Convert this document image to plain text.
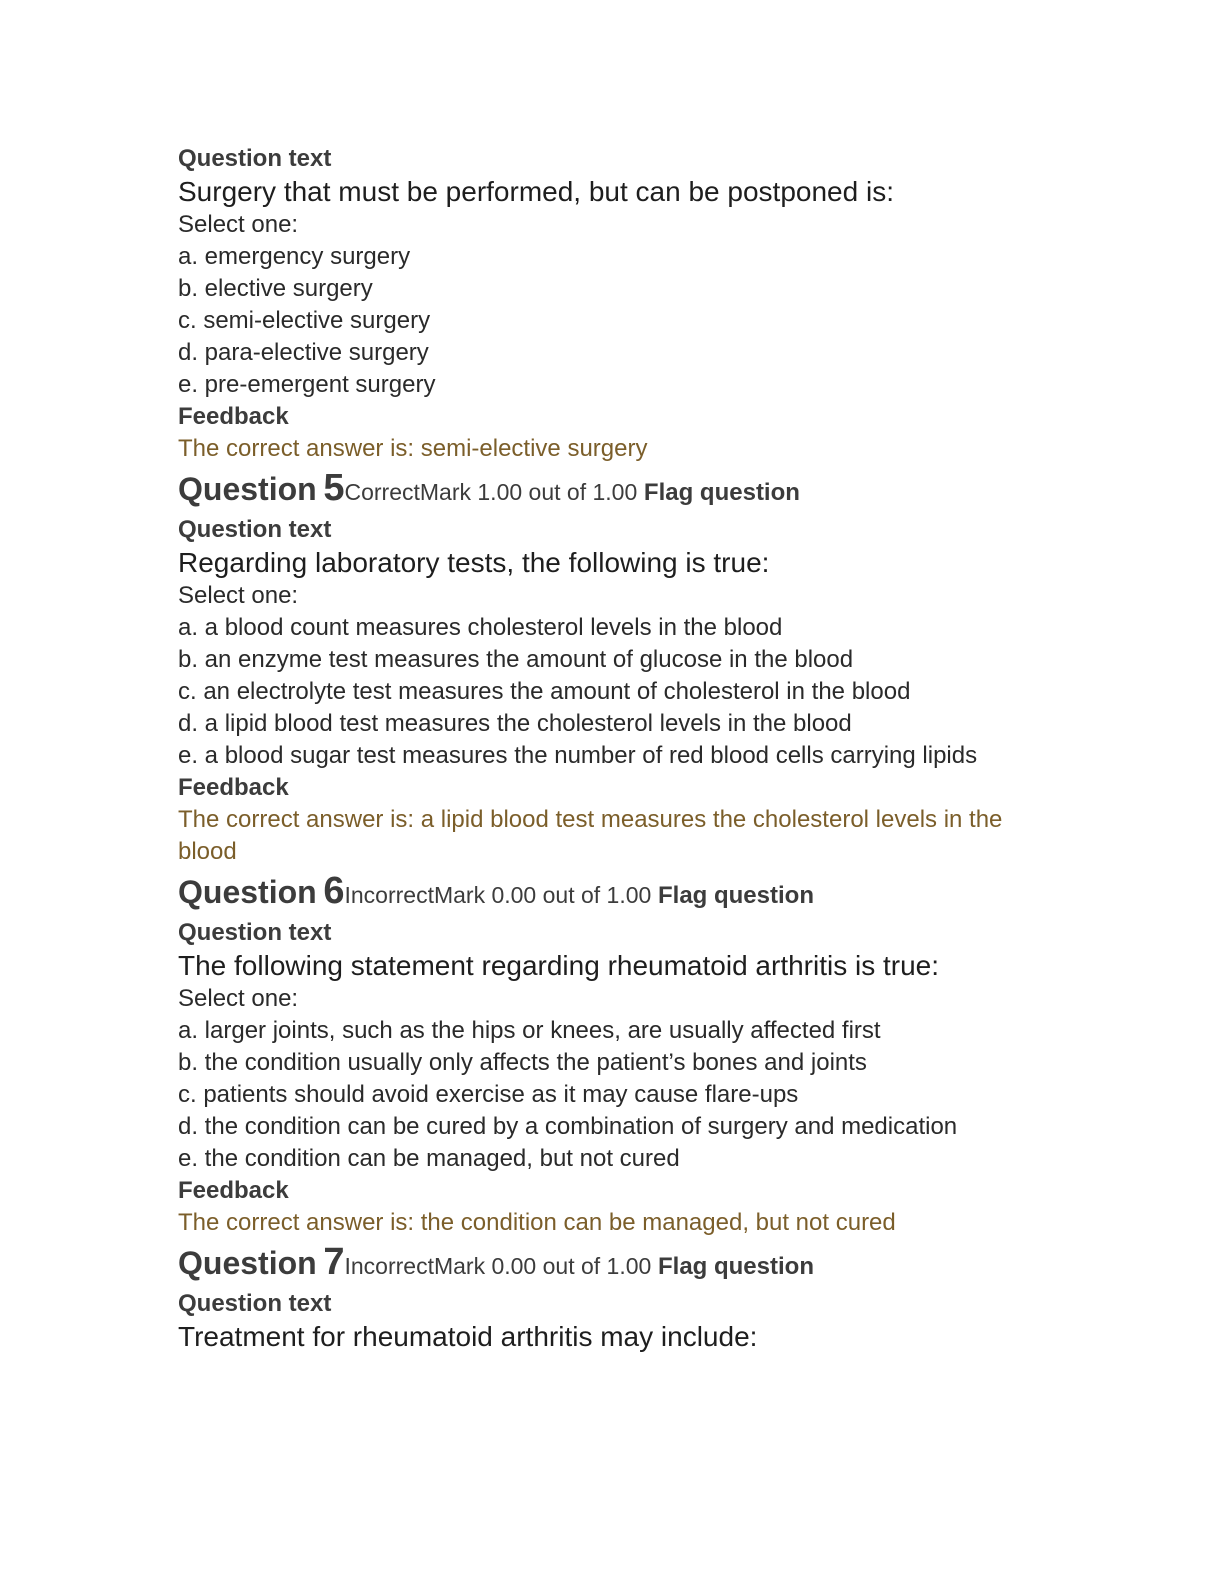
Question text
Surgery that must be performed, but can be postponed is:
Select one:
a. emergency surgery
b. elective surgery
c. semi-elective surgery
d. para-elective surgery
e. pre-emergent surgery
Feedback
The correct answer is: semi-elective surgery
Question 5CorrectMark 1.00 out of 1.00 Flag question
Question text
Regarding laboratory tests, the following is true:
Select one:
a. a blood count measures cholesterol levels in the blood
b. an enzyme test measures the amount of glucose in the blood
c. an electrolyte test measures the amount of cholesterol in the blood
d. a lipid blood test measures the cholesterol levels in the blood
e. a blood sugar test measures the number of red blood cells carrying lipids
Feedback
The correct answer is: a lipid blood test measures the cholesterol levels in the blood
Question 6IncorrectMark 0.00 out of 1.00 Flag question
Question text
The following statement regarding rheumatoid arthritis is true:
Select one:
a. larger joints, such as the hips or knees, are usually affected first
b. the condition usually only affects the patient’s bones and joints
c. patients should avoid exercise as it may cause flare-ups
d. the condition can be cured by a combination of surgery and medication
e. the condition can be managed, but not cured
Feedback
The correct answer is: the condition can be managed, but not cured
Question 7IncorrectMark 0.00 out of 1.00 Flag question
Question text
Treatment for rheumatoid arthritis may include:
